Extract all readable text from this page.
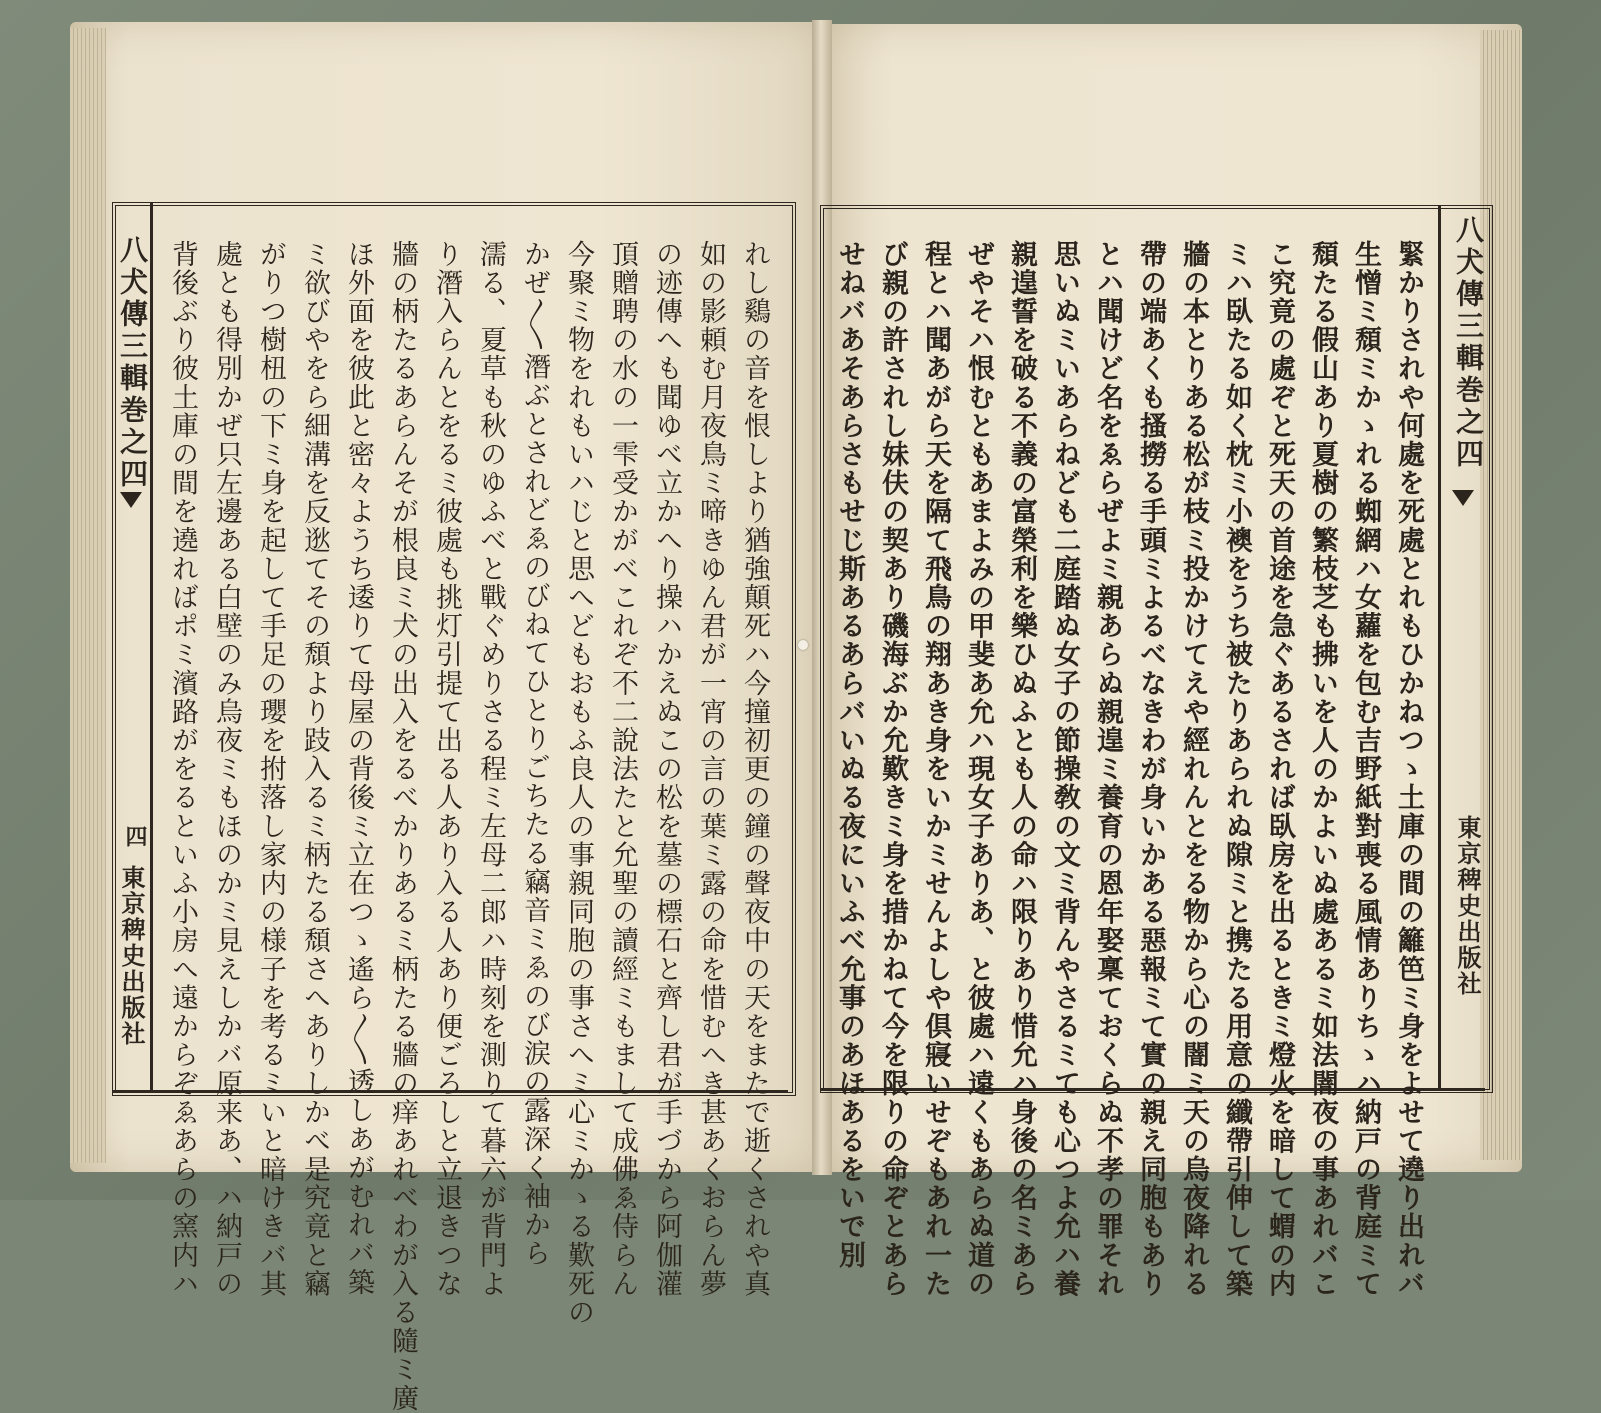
八犬傳三輯巻之四
四
東京稗史出版社	れし鷄の音を恨しより猶強顛死ハ今撞初更の鐘の聲夜中の天をまたで逝くされや真
如の影頼む月夜鳥ミ啼きゆん君が一宵の言の葉ミ露の命を惜むへき甚あくおらん夢
の迹傳へも聞ゆべ立かへり操ハかえぬこの松を墓の標石と齊し君が手づから阿伽灌
頂贈聘の水の一雫受かがべこれぞ不二說法たと允聖の讀經ミもまして成佛ゑ侍らん
今聚ミ物をれもいハじと思へどもおもふ良人の事親同胞の事さへミ心ミかゝる歎死の
かぜ〳〵潛ぶとされどゑのびねてひとりごちたる竊音ミゑのび涙の露深く袖から
濡る、夏草も秋のゆふべと戰ぐめりさる程ミ左母二郎ハ時刻を測りて暮六が背門よ
り潛入らんとをるミ彼處も挑灯引提て出る人あり入る人あり便ごろしと立退きつな
牆の柄たるあらんそが根良ミ犬の出入をるべかりあるミ柄たる牆の痒あれべわが入る隨ミ廣
ほ外面を彼此と密々ようち逶りて母屋の背後ミ立在つゝ遙ら〳〵透しあがむれバ築
ミ欲びやをら細溝を反逖てその頹より跂入るミ柄たる頹さへありしかべ是究竟と竊
がりつ樹杻の下ミ身を起して手足の瓔を拊落し家内の様子を考るミいと暗けきバ其
處とも得別かぜ只左邊ある白壁のみ烏夜ミもほのかミ見えしかバ原来あ、ハ納戸の
背後ぶり彼土庫の間を遶ればポミ濱路がをるといふ小房へ遠からぞゑあらの窯内ハ	八犬傳三輯巻之四
東京稗史出版社
緊かりされや何處を死處とれもひかねつゝ土庫の間の籬笆ミ身をよせて遶り出れバ
生憎ミ頹ミかゝれる蜘網ハ女蘿を包む吉野紙對喪る風情ありちゝハ納戸の背庭ミて
頹たる假山あり夏樹の繁枝芝も拂いを人のかよいぬ處あるミ如法闇夜の事あれバこ
こ究竟の處ぞと死天の首途を急ぐあるされば臥房を出るときミ燈火を暗して蝟の内
ミハ臥たる如く枕ミ小襖をうち被たりあられぬ隙ミと携たる用意の纖帶引伸して築
牆の本とりある松が枝ミ投かけてえや經れんとをる物から心の闇ミ天の烏夜降れる
帶の端あくも搔撈る手頭ミよるべなきわが身いかある惡報ミて實の親え同胞もあり
とハ聞けど名をゑらぜよミ親あらぬ親遑ミ養育の恩年娶稟ておくらぬ不孝の罪それ
思いぬミいあらねども二庭踏ぬ女子の節操敎の文ミ背んやさるミても心つよ允ハ養
親遑誓を破る不義の富榮利を樂ひぬふとも人の命ハ限りあり惜允ハ身後の名ミあら
ぜやそハ恨むともあまよみの甲斐あ允ハ現女子ありあ、と彼處ハ遠くもあらぬ道の
程とハ聞あがら天を隔て飛鳥の翔あき身をいかミせんよしや倶寢いせぞもあれ一た
び親の許されし妹伕の契あり磯海ぶか允歎きミ身を措かねて今を限りの命ぞとあら
せねバあそあらさもせじ斯あるあらバいぬる夜にいふべ允事のあほあるをいで別
